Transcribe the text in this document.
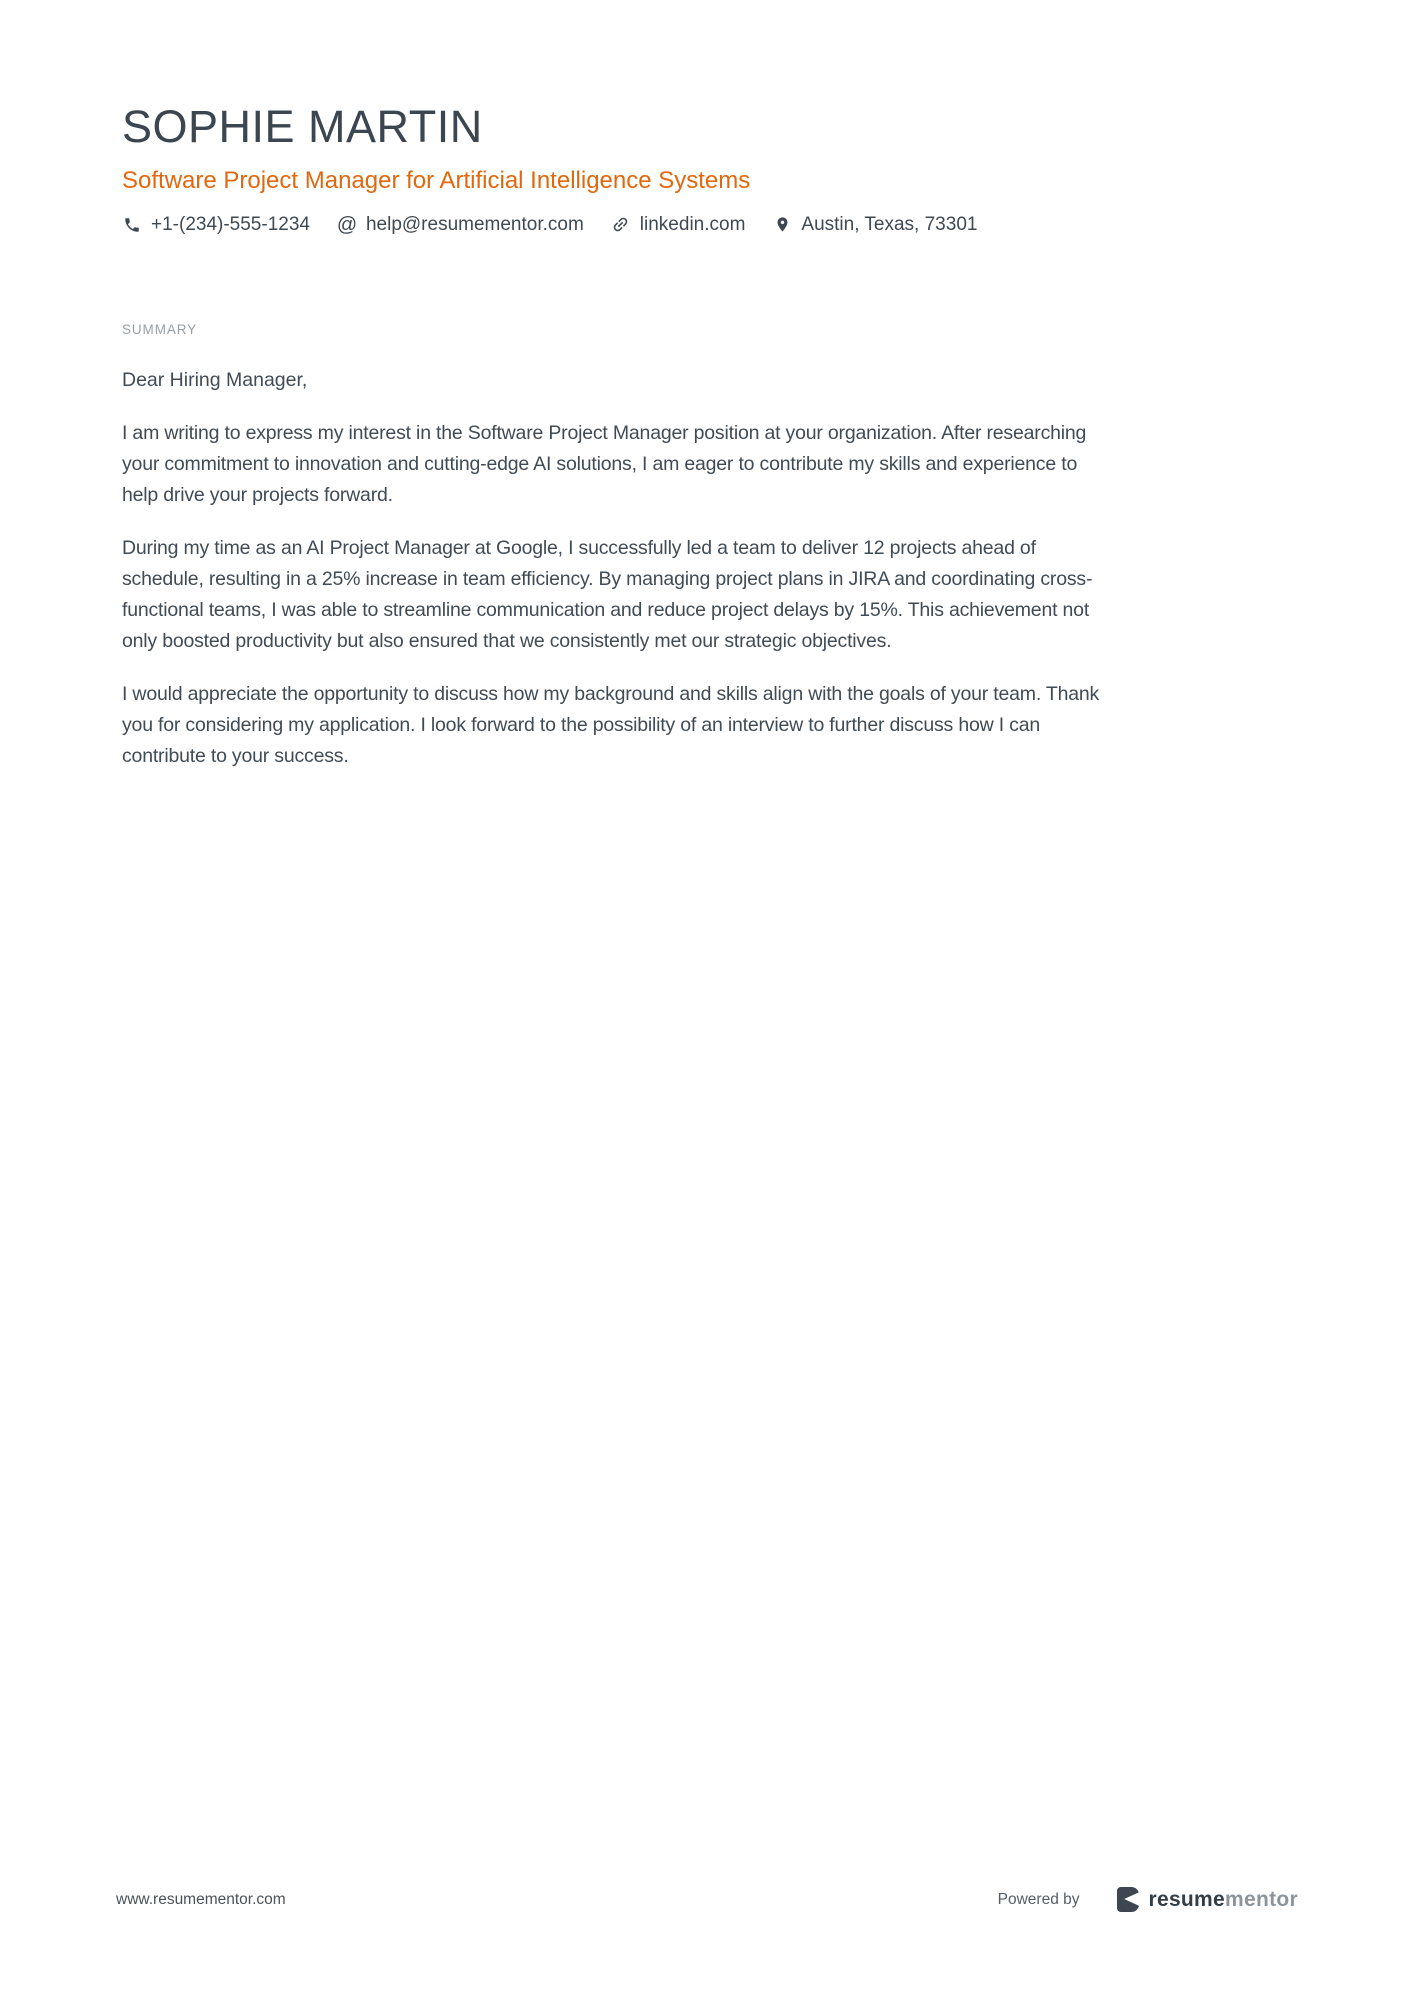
SOPHIE MARTIN
Software Project Manager for Artificial Intelligence Systems
+1-(234)-555-1234 @ help@resumementor.com	linkedin.com	Austin, Texas, 73301
SUMMARY

Dear Hiring Manager,

I am writing to express my interest in the Software Project Manager position at your organization. After researching your commitment to innovation and cutting-edge AI solutions, I am eager to contribute my skills and experience to help drive your projects forward.

During my time as an AI Project Manager at Google, I successfully led a team to deliver 12 projects ahead of schedule, resulting in a 25% increase in team efficiency. By managing project plans in JIRA and coordinating cross-functional teams, I was able to streamline communication and reduce project delays by 15%. This achievement not only boosted productivity but also ensured that we consistently met our strategic objectives.

I would appreciate the opportunity to discuss how my background and skills align with the goals of your team. Thank you for considering my application. I look forward to the possibility of an interview to further discuss how I can contribute to your success.

www.resumementor.com	Powered by	resumementor
